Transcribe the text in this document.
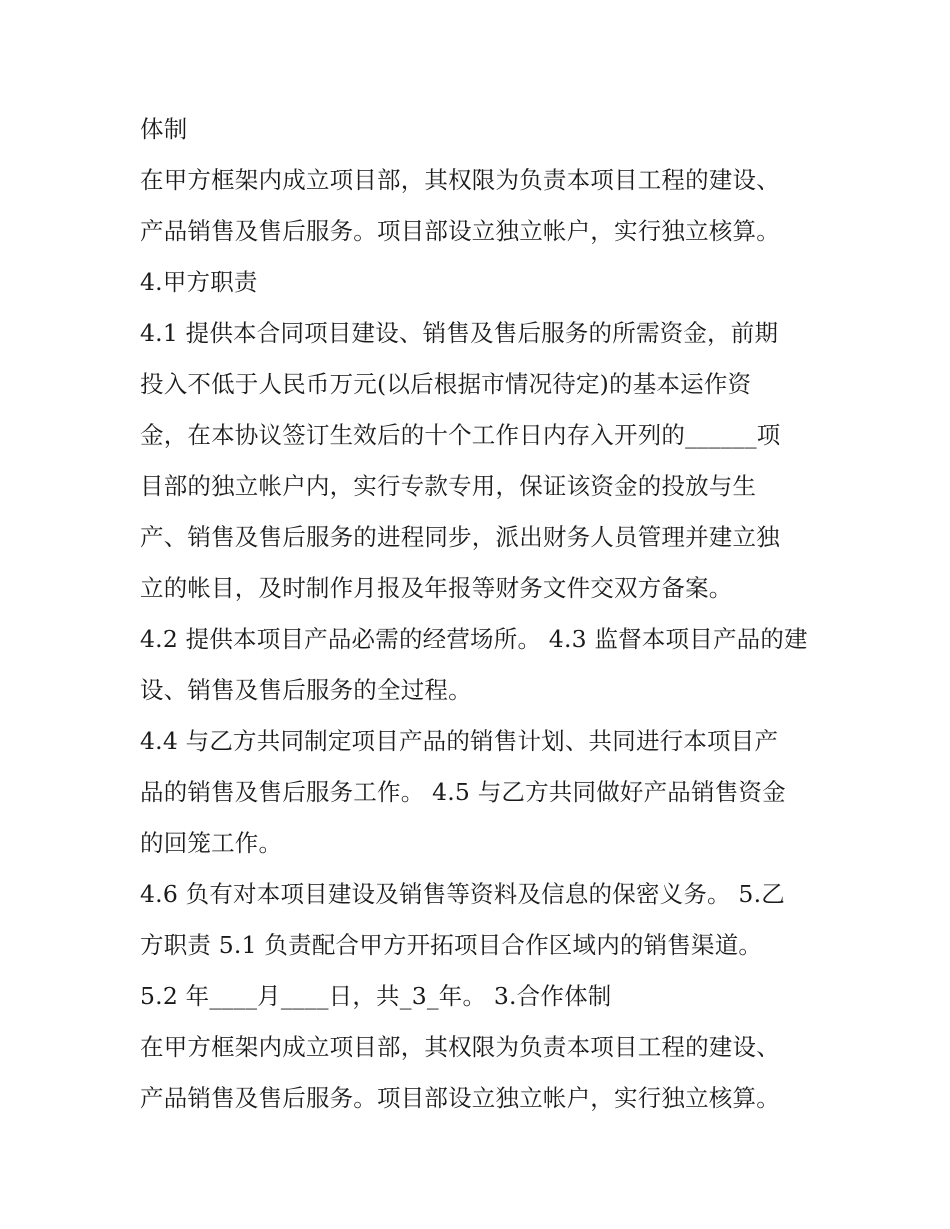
体制
在甲方框架内成立项目部，其权限为负责本项目工程的建设、
产品销售及售后服务。项目部设立独立帐户，实行独立核算。
4.甲方职责
4.1 提供本合同项目建设、销售及售后服务的所需资金，前期
投入不低于人民币万元(以后根据市情况待定)的基本运作资
金，在本协议签订生效后的十个工作日内存入开列的______项
目部的独立帐户内，实行专款专用，保证该资金的投放与生
产、销售及售后服务的进程同步，派出财务人员管理并建立独
立的帐目，及时制作月报及年报等财务文件交双方备案。
4.2 提供本项目产品必需的经营场所。 4.3 监督本项目产品的建
设、销售及售后服务的全过程。
4.4 与乙方共同制定项目产品的销售计划、共同进行本项目产
品的销售及售后服务工作。 4.5 与乙方共同做好产品销售资金
的回笼工作。
4.6 负有对本项目建设及销售等资料及信息的保密义务。 5.乙
方职责 5.1 负责配合甲方开拓项目合作区域内的销售渠道。
5.2 年____月____日，共_3_年。 3.合作体制
在甲方框架内成立项目部，其权限为负责本项目工程的建设、
产品销售及售后服务。项目部设立独立帐户，实行独立核算。
